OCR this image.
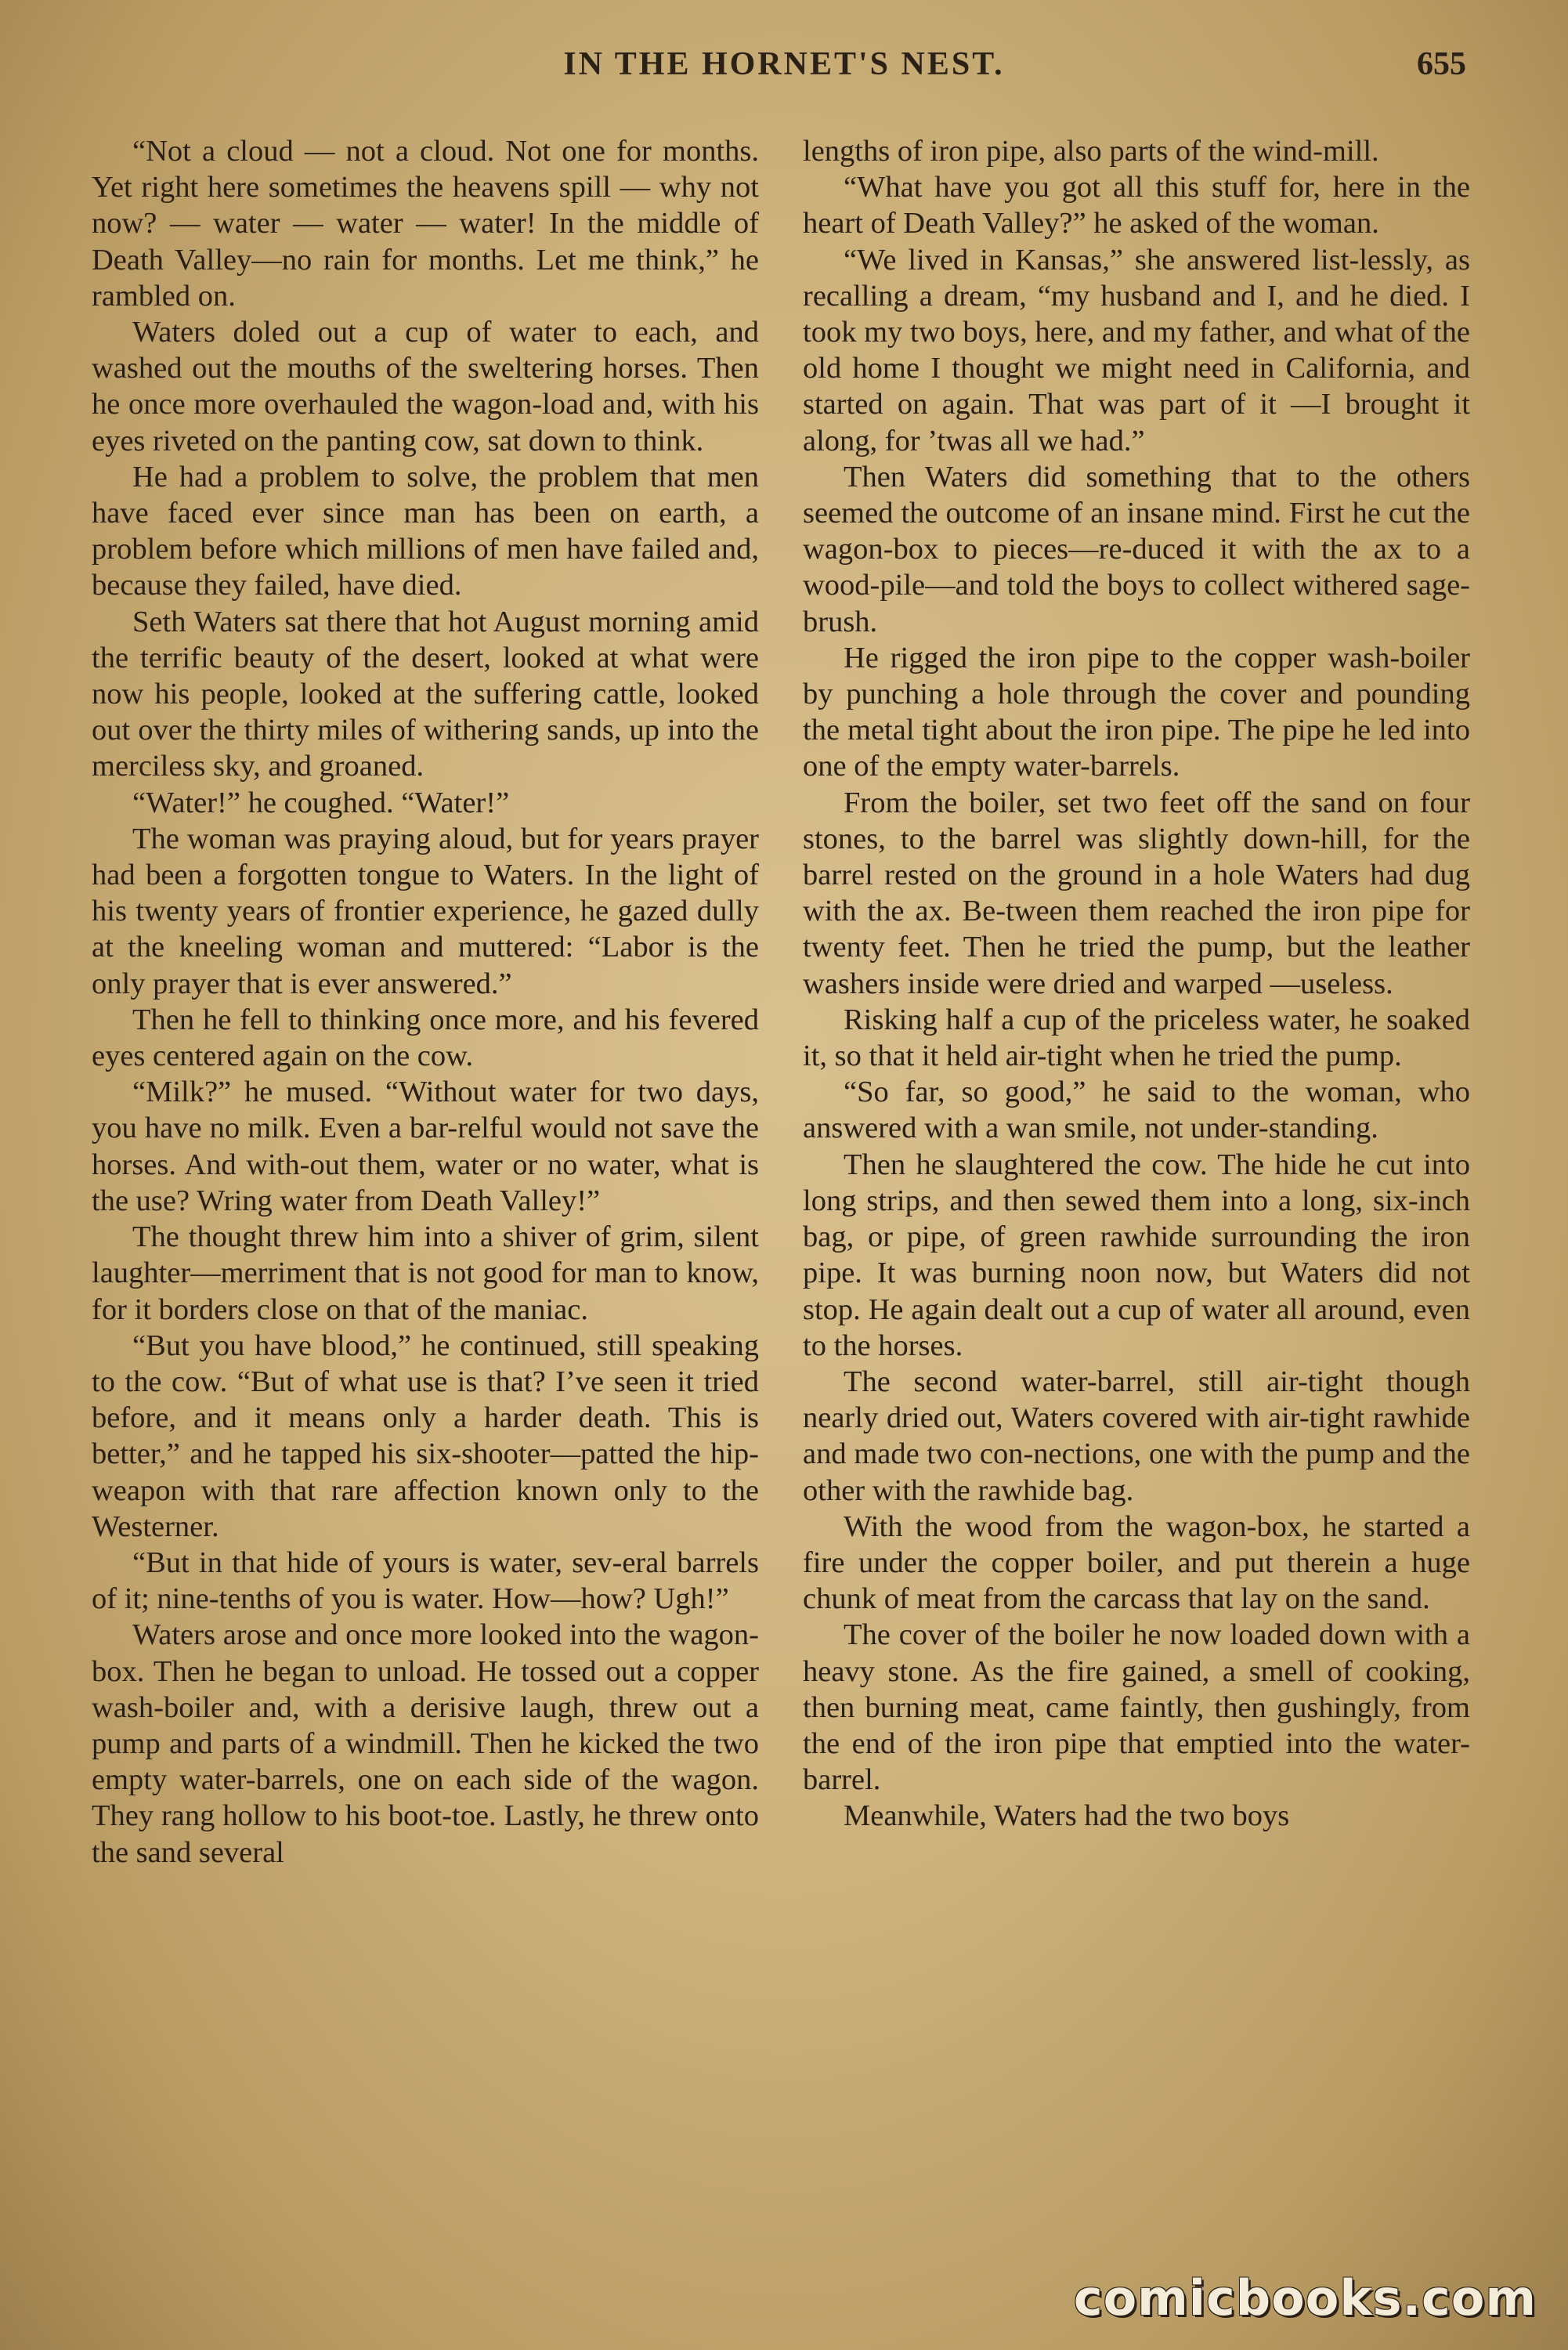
IN THE HORNET'S NEST.	655

“Not a cloud — not a cloud. Not one for months. Yet right here sometimes the heavens spill — why not now? — water — water — water! In the middle of Death Valley—no rain for months. Let me think,” he rambled on.

Waters doled out a cup of water to each, and washed out the mouths of the sweltering horses. Then he once more overhauled the wagon-load and, with his eyes riveted on the panting cow, sat down to think.

He had a problem to solve, the problem that men have faced ever since man has been on earth, a problem before which millions of men have failed and, because they failed, have died.

Seth Waters sat there that hot August morning amid the terrific beauty of the desert, looked at what were now his people, looked at the suffering cattle, looked out over the thirty miles of withering sands, up into the merciless sky, and groaned.

“Water!” he coughed. “Water!”

The woman was praying aloud, but for years prayer had been a forgotten tongue to Waters. In the light of his twenty years of frontier experience, he gazed dully at the kneeling woman and muttered: “Labor is the only prayer that is ever answered.”

Then he fell to thinking once more, and his fevered eyes centered again on the cow.

“Milk?” he mused. “Without water for two days, you have no milk. Even a bar-relful would not save the horses. And with-out them, water or no water, what is the use? Wring water from Death Valley!”

The thought threw him into a shiver of grim, silent laughter—merriment that is not good for man to know, for it borders close on that of the maniac.

“But you have blood,” he continued, still speaking to the cow. “But of what use is that? I’ve seen it tried before, and it means only a harder death. This is better,” and he tapped his six-shooter—patted the hip-weapon with that rare affection known only to the Westerner.

“But in that hide of yours is water, sev-eral barrels of it; nine-tenths of you is water. How—how? Ugh!”

Waters arose and once more looked into the wagon-box. Then he began to unload. He tossed out a copper wash-boiler and, with a derisive laugh, threw out a pump and parts of a windmill. Then he kicked the two empty water-barrels, one on each side of the wagon. They rang hollow to his boot-toe. Lastly, he threw onto the sand several

lengths of iron pipe, also parts of the wind-mill.

“What have you got all this stuff for, here in the heart of Death Valley?” he asked of the woman.

“We lived in Kansas,” she answered list-lessly, as recalling a dream, “my husband and I, and he died. I took my two boys, here, and my father, and what of the old home I thought we might need in California, and started on again. That was part of it —I brought it along, for ’twas all we had.”

Then Waters did something that to the others seemed the outcome of an insane mind. First he cut the wagon-box to pieces—re-duced it with the ax to a wood-pile—and told the boys to collect withered sage-brush.

He rigged the iron pipe to the copper wash-boiler by punching a hole through the cover and pounding the metal tight about the iron pipe. The pipe he led into one of the empty water-barrels.

From the boiler, set two feet off the sand on four stones, to the barrel was slightly down-hill, for the barrel rested on the ground in a hole Waters had dug with the ax. Be-tween them reached the iron pipe for twenty feet. Then he tried the pump, but the leather washers inside were dried and warped —useless.

Risking half a cup of the priceless water, he soaked it, so that it held air-tight when he tried the pump.

“So far, so good,” he said to the woman, who answered with a wan smile, not under-standing.

Then he slaughtered the cow. The hide he cut into long strips, and then sewed them into a long, six-inch bag, or pipe, of green rawhide surrounding the iron pipe. It was burning noon now, but Waters did not stop. He again dealt out a cup of water all around, even to the horses.

The second water-barrel, still air-tight though nearly dried out, Waters covered with air-tight rawhide and made two con-nections, one with the pump and the other with the rawhide bag.

With the wood from the wagon-box, he started a fire under the copper boiler, and put therein a huge chunk of meat from the carcass that lay on the sand.

The cover of the boiler he now loaded down with a heavy stone. As the fire gained, a smell of cooking, then burning meat, came faintly, then gushingly, from the end of the iron pipe that emptied into the water-barrel.

Meanwhile, Waters had the two boys

comicbooks.com
